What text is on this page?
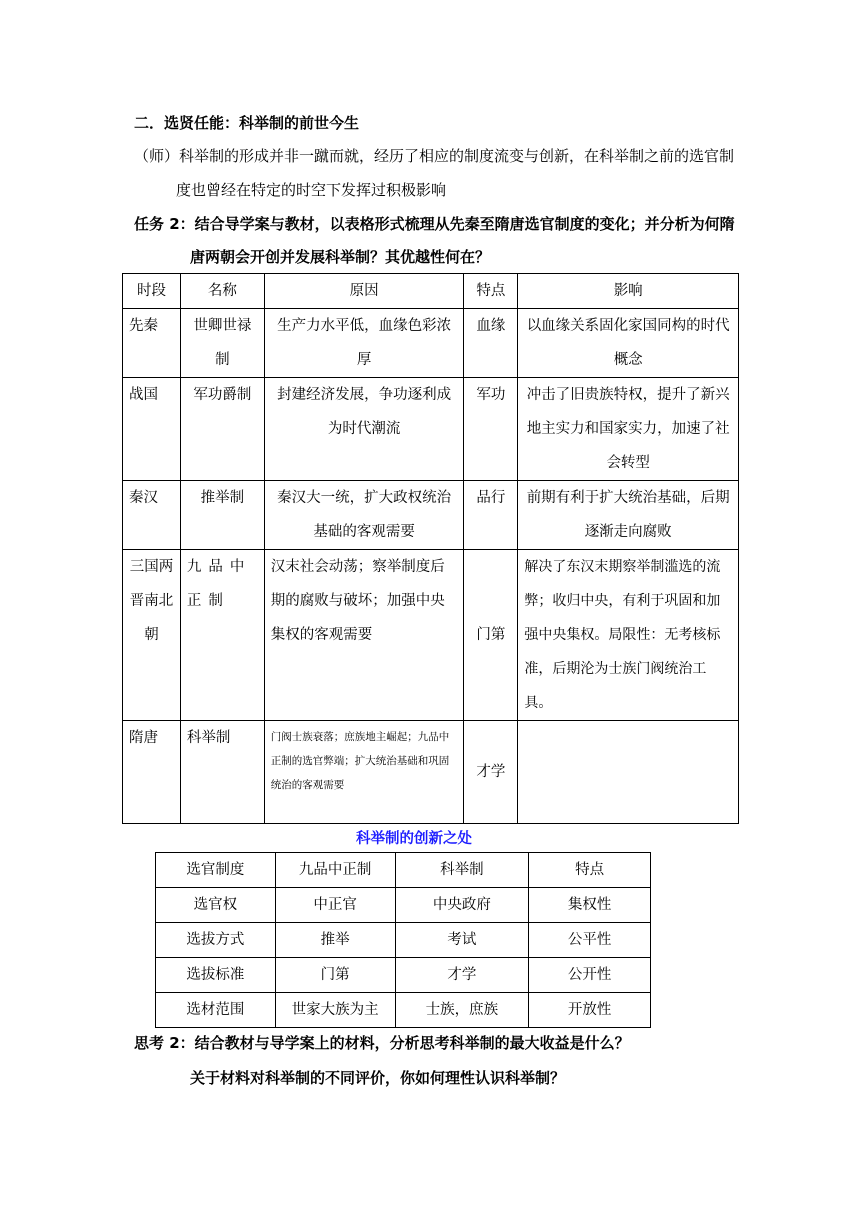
二．选贤任能：科举制的前世今生
（师）科举制的形成并非一蹴而就，经历了相应的制度流变与创新，在科举制之前的选官制
度也曾经在特定的时空下发挥过积极影响
任务 2：结合导学案与教材，以表格形式梳理从先秦至隋唐选官制度的变化；并分析为何隋
唐两朝会开创并发展科举制？其优越性何在？
时段	名称	原因	特点	影响
先秦	世卿世禄制	生产力水平低，血缘色彩浓厚	血缘	以血缘关系固化家国同构的时代概念
战国	军功爵制	封建经济发展，争功逐利成为时代潮流	军功	冲击了旧贵族特权，提升了新兴地主实力和国家实力，加速了社会转型
秦汉	推举制	秦汉大一统，扩大政权统治基础的客观需要	品行	前期有利于扩大统治基础，后期逐渐走向腐败
三国两晋南北朝	九品中正制	汉末社会动荡；察举制度后期的腐败与破坏；加强中央集权的客观需要	门第	解决了东汉末期察举制滥选的流弊；收归中央，有利于巩固和加强中央集权。局限性：无考核标准，后期沦为士族门阀统治工具。
隋唐	科举制	门阀士族衰落；庶族地主崛起；九品中正制的选官弊端；扩大统治基础和巩固统治的客观需要	才学	
科举制的创新之处
选官制度	九品中正制	科举制	特点
选官权	中正官	中央政府	集权性
选拔方式	推举	考试	公平性
选拔标准	门第	才学	公开性
选材范围	世家大族为主	士族，庶族	开放性
思考 2：结合教材与导学案上的材料，分析思考科举制的最大收益是什么？
关于材料对科举制的不同评价，你如何理性认识科举制？
